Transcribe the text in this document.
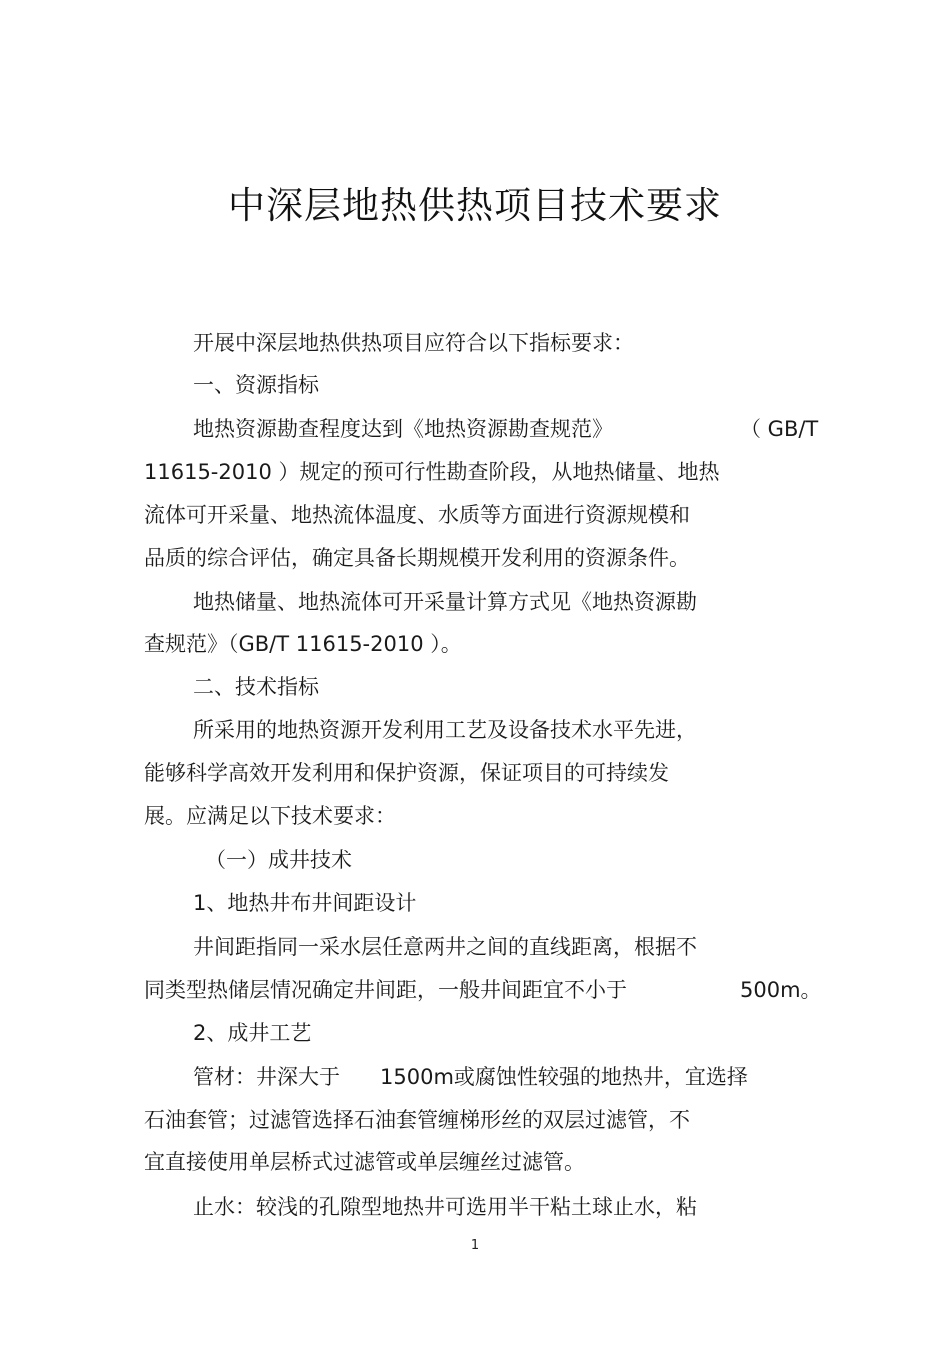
中深层地热供热项目技术要求
开展中深层地热供热项目应符合以下指标要求：
一、资源指标
地热资源勘查程度达到《地热资源勘查规范》	（ GB/T
11615-2010 ）规定的预可行性勘查阶段，从地热储量、地热
流体可开采量、地热流体温度、水质等方面进行资源规模和
品质的综合评估，确定具备长期规模开发利用的资源条件。
地热储量、地热流体可开采量计算方式见《地热资源勘
查规范》（GB/T 11615-2010 ）。
二、技术指标
所采用的地热资源开发利用工艺及设备技术水平先进，
能够科学高效开发利用和保护资源，保证项目的可持续发
展。应满足以下技术要求：
（一）成井技术
1、地热井布井间距设计
井间距指同一采水层任意两井之间的直线距离，根据不
同类型热储层情况确定井间距，一般井间距宜不小于	500m。
2、成井工艺
管材：井深大于 1500m或腐蚀性较强的地热井，宜选择
石油套管；过滤管选择石油套管缠梯形丝的双层过滤管，不
宜直接使用单层桥式过滤管或单层缠丝过滤管。
止水：较浅的孔隙型地热井可选用半干粘土球止水，粘
1
